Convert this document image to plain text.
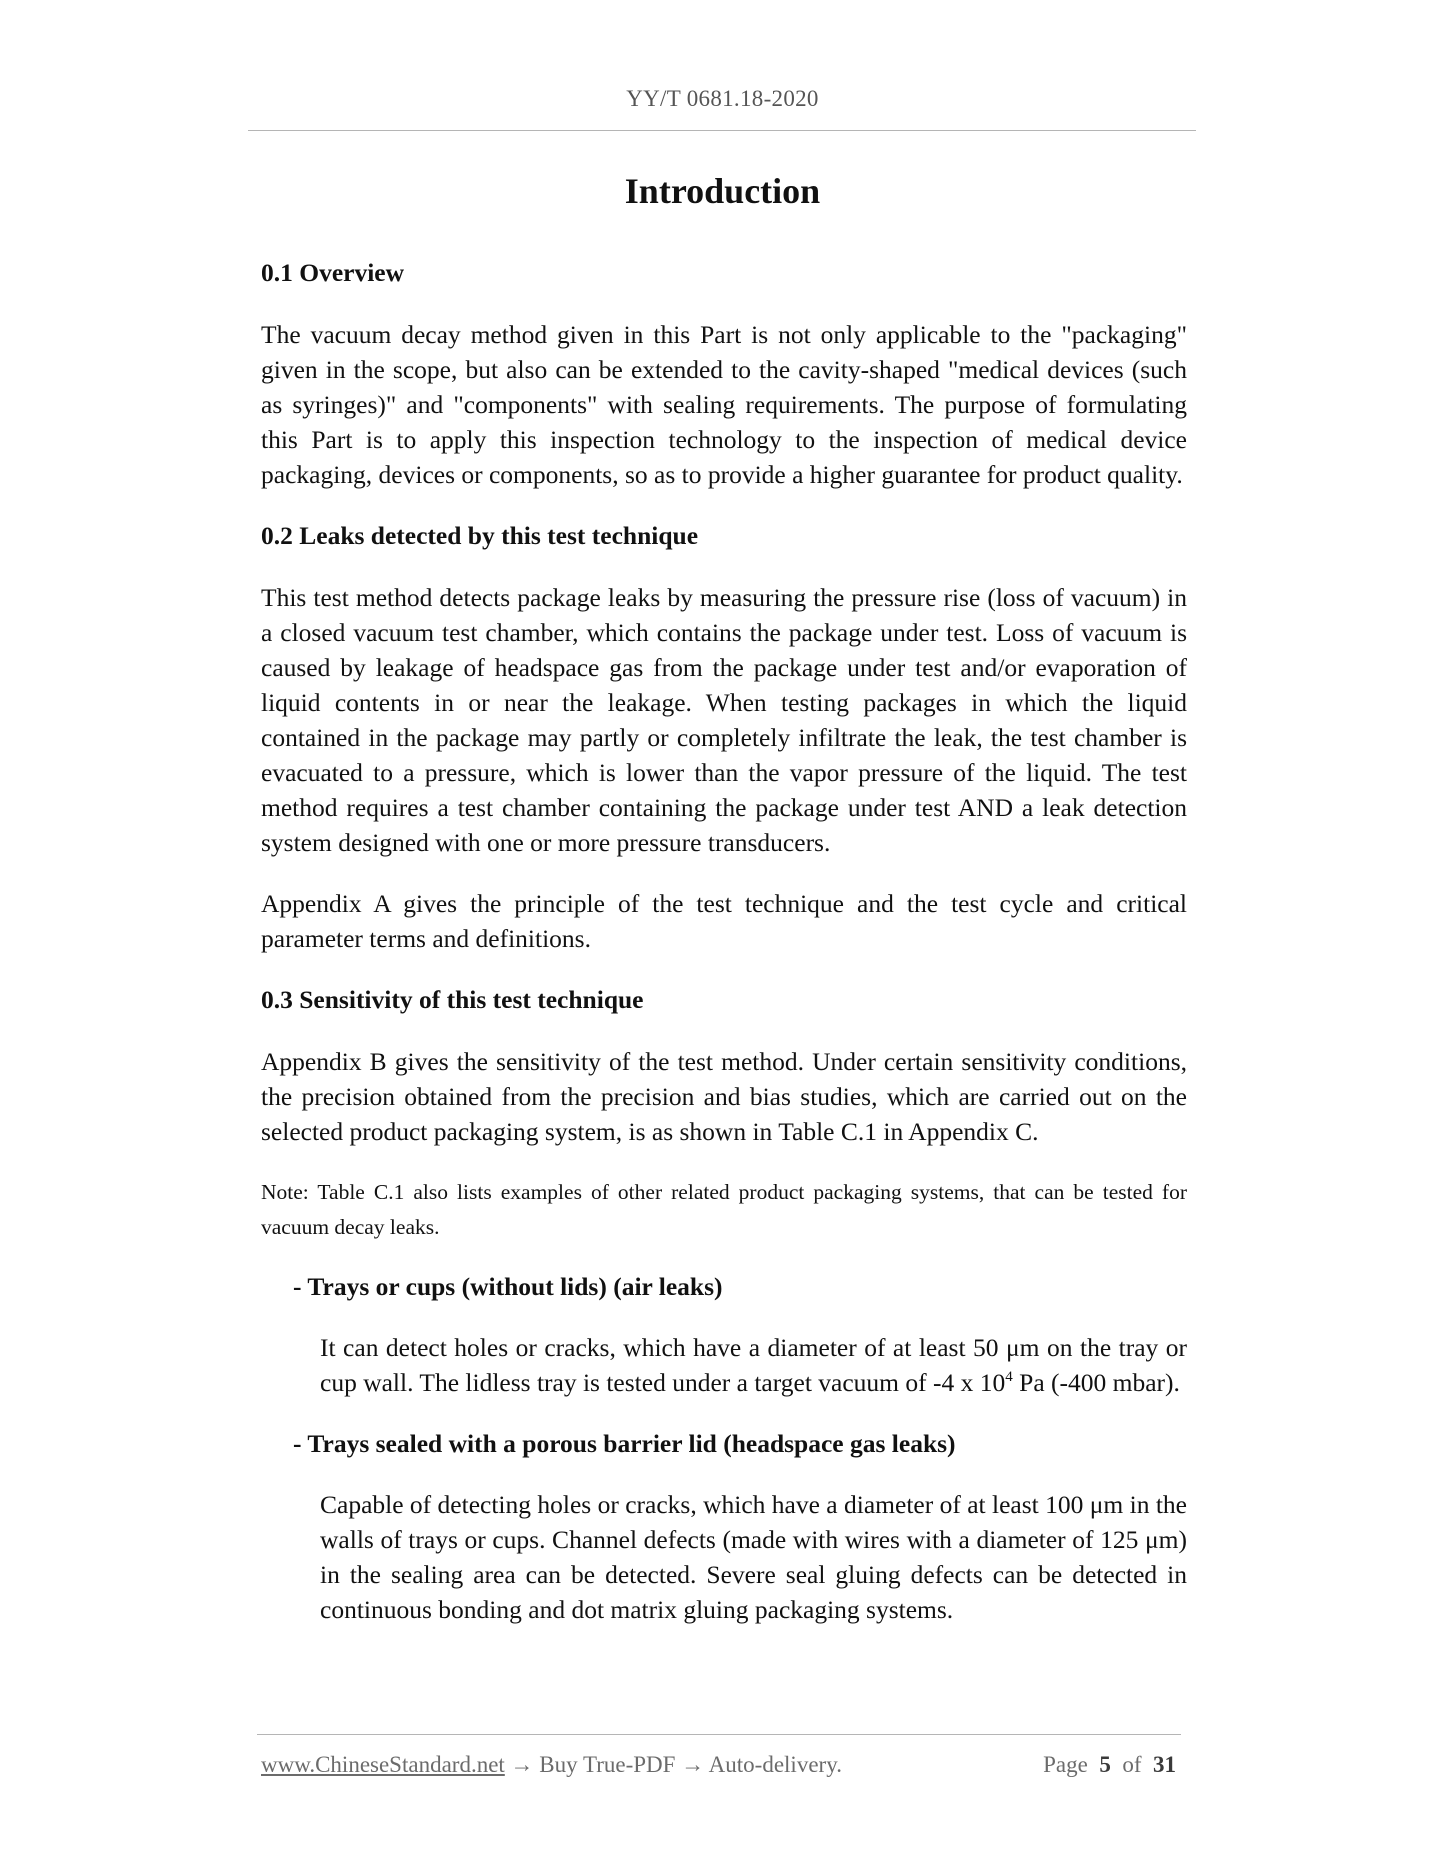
YY/T 0681.18-2020
Introduction
0.1 Overview

The vacuum decay method given in this Part is not only applicable to the "packaging" given in the scope, but also can be extended to the cavity-shaped "medical devices (such as syringes)" and "components" with sealing requirements. The purpose of formulating this Part is to apply this inspection technology to the inspection of medical device packaging, devices or components, so as to provide a higher guarantee for product quality.

0.2 Leaks detected by this test technique

This test method detects package leaks by measuring the pressure rise (loss of vacuum) in a closed vacuum test chamber, which contains the package under test. Loss of vacuum is caused by leakage of headspace gas from the package under test and/or evaporation of liquid contents in or near the leakage. When testing packages in which the liquid contained in the package may partly or completely infiltrate the leak, the test chamber is evacuated to a pressure, which is lower than the vapor pressure of the liquid. The test method requires a test chamber containing the package under test AND a leak detection system designed with one or more pressure transducers.

Appendix A gives the principle of the test technique and the test cycle and critical parameter terms and definitions.

0.3 Sensitivity of this test technique

Appendix B gives the sensitivity of the test method. Under certain sensitivity conditions, the precision obtained from the precision and bias studies, which are carried out on the selected product packaging system, is as shown in Table C.1 in Appendix C.

Note: Table C.1 also lists examples of other related product packaging systems, that can be tested for vacuum decay leaks.

- Trays or cups (without lids) (air leaks)

It can detect holes or cracks, which have a diameter of at least 50 μm on the tray or cup wall. The lidless tray is tested under a target vacuum of -4 x $10^4$ Pa (-400 mbar).

- Trays sealed with a porous barrier lid (headspace gas leaks)

Capable of detecting holes or cracks, which have a diameter of at least 100 μm in the walls of trays or cups. Channel defects (made with wires with a diameter of 125 μm) in the sealing area can be detected. Severe seal gluing defects can be detected in continuous bonding and dot matrix gluing packaging systems.

www.ChineseStandard.net → Buy True-PDF → Auto-delivery.	Page 5 of 31
